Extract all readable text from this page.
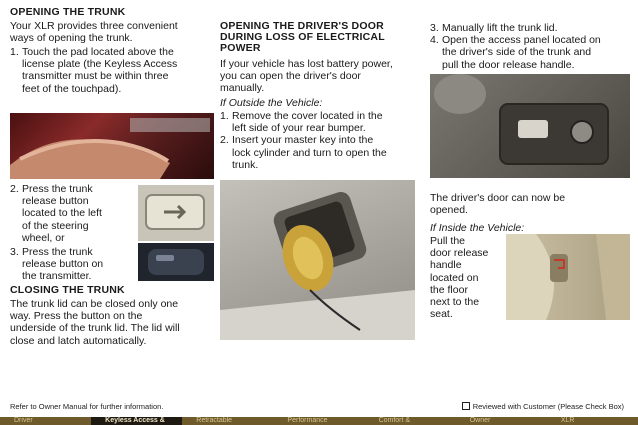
OPENING THE TRUNK
Your XLR provides three convenient
ways of opening the trunk.
1. Touch the pad located above the
license plate (the Keyless Access
transmitter must be within three
feet of the touchpad).
2. Press the trunk
release button
located to the left
of the steering
wheel, or
3. Press the trunk
release button on
the transmitter.
CLOSING THE TRUNK
The trunk lid can be closed only one
way. Press the button on the
underside of the trunk lid. The lid will
close and latch automatically.
OPENING THE DRIVER'S DOOR
DURING LOSS OF ELECTRICAL
POWER
If your vehicle has lost battery power,
you can open the driver's door
manually.
If Outside the Vehicle:
1. Remove the cover located in the
left side of your rear bumper.
2. Insert your master key into the
lock cylinder and turn to open the
trunk.
3. Manually lift the trunk lid.
4. Open the access panel located on
the driver's side of the trunk and
pull the door release handle.
The driver's door can now be
opened.
If Inside the Vehicle:
Pull the
door release
handle
located on
the floor
next to the
seat.
Refer to Owner Manual for further information.	Reviewed with Customer (Please Check Box)
Driver	Keyless Access &	Retractable	Performance	Comfort &	Owner	XLR
